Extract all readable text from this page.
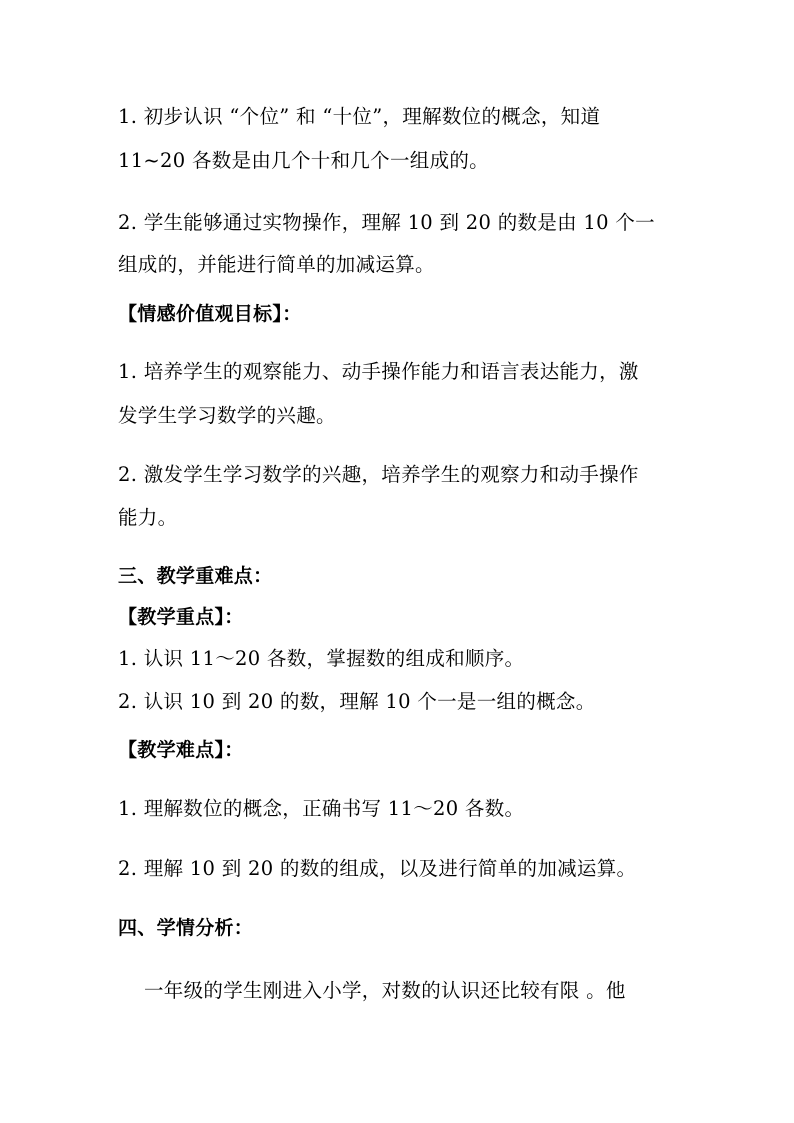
1. 初步认识 “个位” 和 “十位”，理解数位的概念，知道
11~20 各数是由几个十和几个一组成的。
2. 学生能够通过实物操作，理解 10 到 20 的数是由 10 个一
组成的，并能进行简单的加减运算。
【情感价值观目标】：
1. 培养学生的观察能力、动手操作能力和语言表达能力，激
发学生学习数学的兴趣。
2. 激发学生学习数学的兴趣，培养学生的观察力和动手操作
能力。
三、教学重难点：
【教学重点】：
1. 认识 11～20 各数，掌握数的组成和顺序。
2. 认识 10 到 20 的数，理解 10 个一是一组的概念。
【教学难点】：
1. 理解数位的概念，正确书写 11～20 各数。
2. 理解 10 到 20 的数的组成，以及进行简单的加减运算。
四、学情分析：
一年级的学生刚进入小学，对数的认识还比较有限 。他
